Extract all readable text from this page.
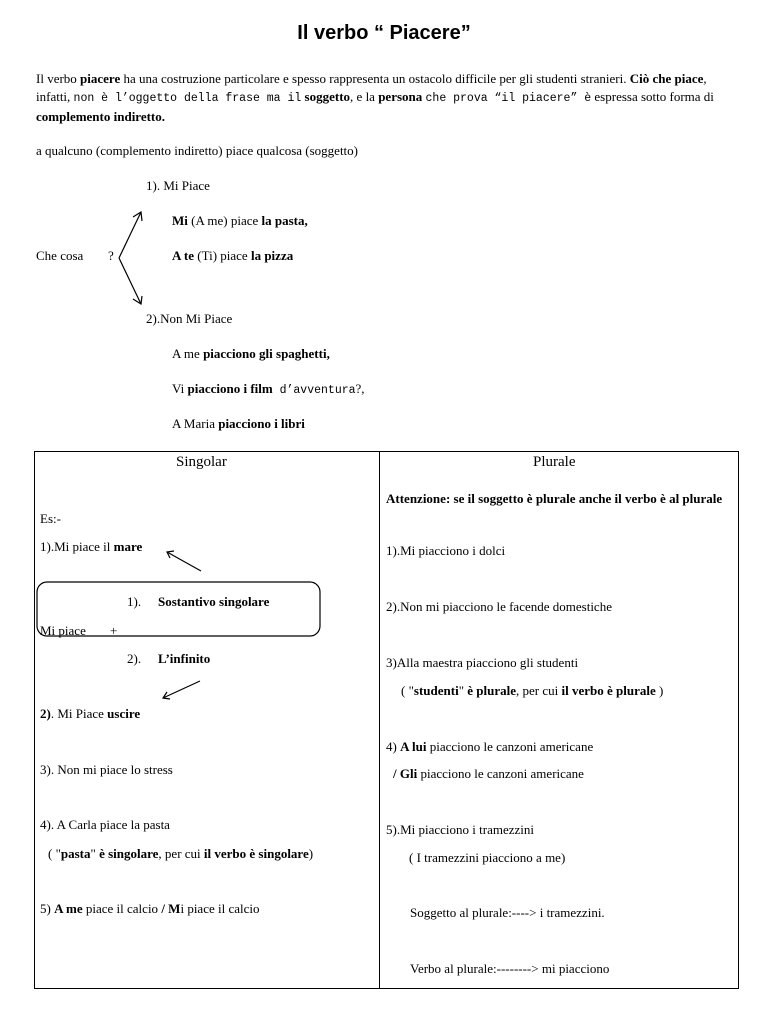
Il verbo “ Piacere”
Il verbo piacere ha una costruzione particolare e spesso rappresenta un ostacolo difficile per gli studenti stranieri. Ciò che piace, infatti, non è l’oggetto della frase ma il soggetto, e la persona che prova “il piacere” è espressa sotto forma di complemento indiretto.
a qualcuno (complemento indiretto) piace qualcosa (soggetto)
1). Mi Piace
Mi (A me) piace la pasta,
Che cosa ?	A te (Ti) piace la pizza
2).Non Mi Piace
A me piacciono gli spaghetti,
Vi piacciono i film d’avventura?,
A Maria piacciono i libri

Singolar
Es:-
1).Mi piace il mare
1). Sostantivo singolare
Mi piace +
2). L’infinito
2). Mi Piace uscire
3). Non mi piace lo stress
4). A Carla piace la pasta
( "pasta" è singolare, per cui il verbo è singolare)
5) A me piace il calcio / Mi piace il calcio
Plurale
Attenzione: se il soggetto è plurale anche il verbo è al plurale
1).Mi piacciono i dolci
2).Non mi piacciono le facende domestiche
3)Alla maestra piacciono gli studenti
( "studenti" è plurale, per cui il verbo è plurale )
4) A lui piacciono le canzoni americane
/ Gli piacciono le canzoni americane
5).Mi piacciono i tramezzini
( I tramezzini piacciono a me)
Soggetto al plurale:----> i tramezzini.
Verbo al plurale:--------> mi piacciono
